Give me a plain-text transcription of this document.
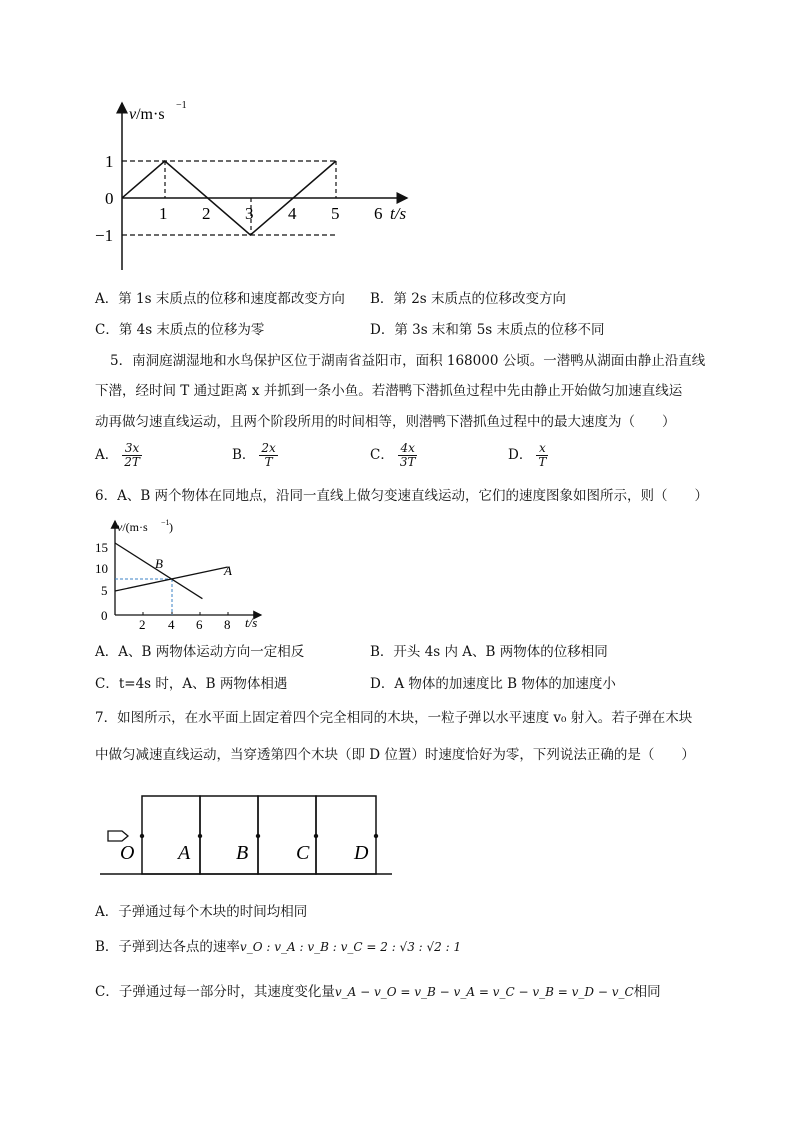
v/m·s
−1
1
0
−1
1 2 3 4 5 6 t/s
A．第 1s 末质点的位移和速度都改变方向 B．第 2s 末质点的位移改变方向
C．第 4s 末质点的位移为零	D．第 3s 末和第 5s 末质点的位移不同
5．南洞庭湖湿地和水鸟保护区位于湖南省益阳市，面积 168000 公顷。一潜鸭从湖面由静止沿直线
下潜，经时间 T 通过距离 x 并抓到一条小鱼。若潜鸭下潜抓鱼过程中先由静止开始做匀加速直线运
动再做匀速直线运动，且两个阶段所用的时间相等，则潜鸭下潜抓鱼过程中的最大速度为（　　）
A． $\frac{3x}{2T}$	B． $\frac{2x}{T}$	C． $\frac{4x}{3T}$	D． $\frac{x}{T}$
6．A、B 两个物体在同地点，沿同一直线上做匀变速直线运动，它们的速度图象如图所示，则（　　）
v/(m·s −1 )
15
10
5
0
2 4 6 8 t/s
B	A
A．A、B 两物体运动方向一定相反	B．开头 4s 内 A、B 两物体的位移相同
C．t=4s 时，A、B 两物体相遇	D．A 物体的加速度比 B 物体的加速度小
7．如图所示，在水平面上固定着四个完全相同的木块，一粒子弹以水平速度 v₀ 射入。若子弹在木块
中做匀减速直线运动，当穿透第四个木块（即 D 位置）时速度恰好为零，下列说法正确的是（　　）
O A B C D
A．子弹通过每个木块的时间均相同
B．子弹到达各点的速率v_O : v_A : v_B : v_C = 2 : √3 : √2 : 1
C．子弹通过每一部分时，其速度变化量v_A − v_O = v_B − v_A = v_C − v_B = v_D − v_C相同
